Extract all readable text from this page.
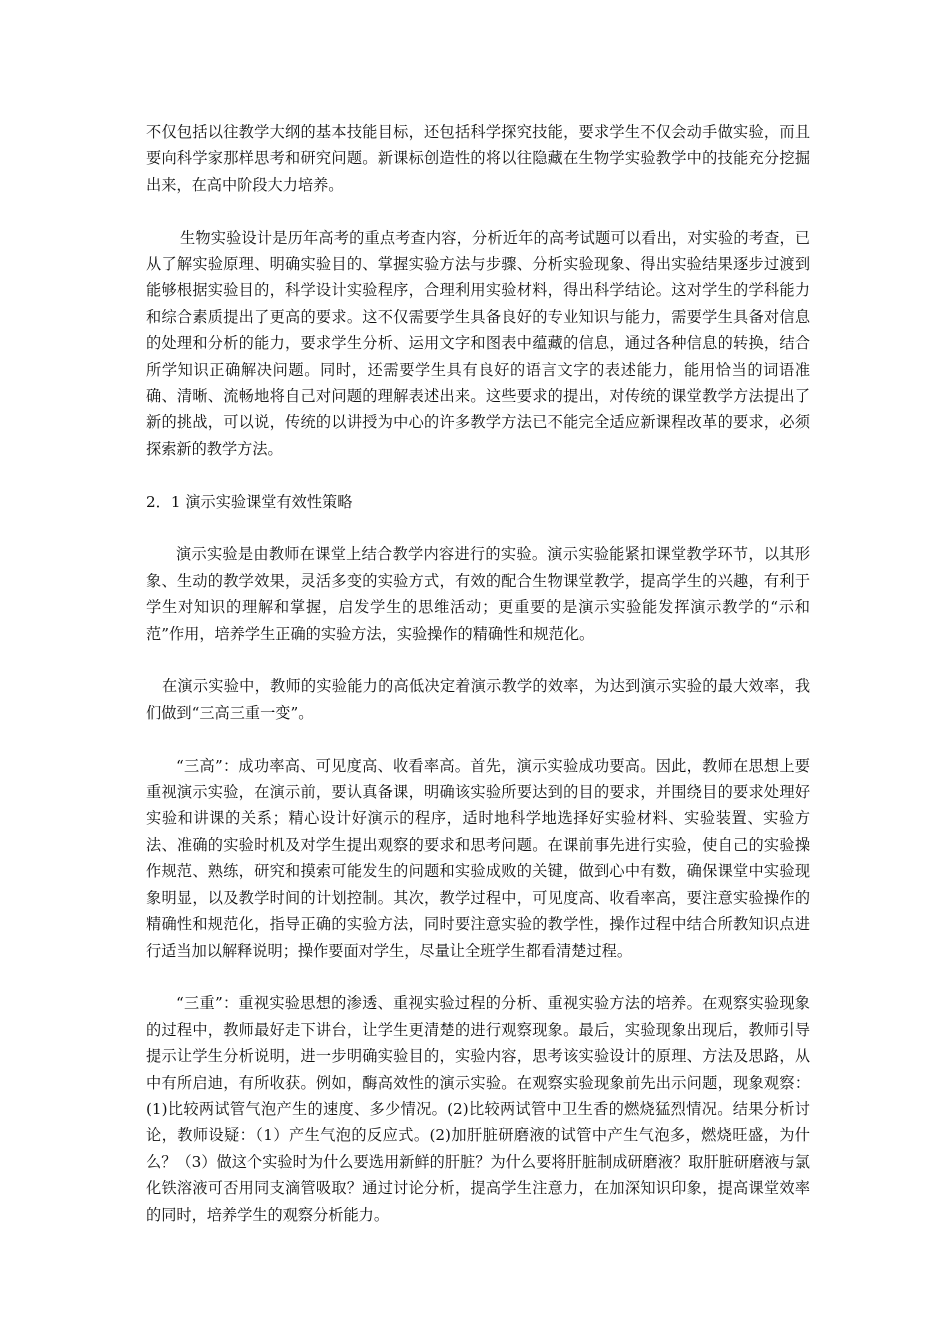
不仅包括以往教学大纲的基本技能目标，还包括科学探究技能，要求学生不仅会动手做实验，而且要向科学家那样思考和研究问题。新课标创造性的将以往隐藏在生物学实验教学中的技能充分挖掘出来，在高中阶段大力培养。

生物实验设计是历年高考的重点考查内容，分析近年的高考试题可以看出，对实验的考查，已从了解实验原理、明确实验目的、掌握实验方法与步骤、分析实验现象、得出实验结果逐步过渡到能够根据实验目的，科学设计实验程序，合理利用实验材料，得出科学结论。这对学生的学科能力和综合素质提出了更高的要求。这不仅需要学生具备良好的专业知识与能力，需要学生具备对信息的处理和分析的能力，要求学生分析、运用文字和图表中蕴藏的信息，通过各种信息的转换，结合所学知识正确解决问题。同时，还需要学生具有良好的语言文字的表述能力，能用恰当的词语准确、清晰、流畅地将自己对问题的理解表述出来。这些要求的提出，对传统的课堂教学方法提出了新的挑战，可以说，传统的以讲授为中心的许多教学方法已不能完全适应新课程改革的要求，必须探索新的教学方法。

2．1 演示实验课堂有效性策略

演示实验是由教师在课堂上结合教学内容进行的实验。演示实验能紧扣课堂教学环节，以其形象、生动的教学效果，灵活多变的实验方式，有效的配合生物课堂教学，提高学生的兴趣，有利于学生对知识的理解和掌握，启发学生的思维活动；更重要的是演示实验能发挥演示教学的“示和范”作用，培养学生正确的实验方法，实验操作的精确性和规范化。

在演示实验中，教师的实验能力的高低决定着演示教学的效率，为达到演示实验的最大效率，我们做到“三高三重一变”。

“三高”：成功率高、可见度高、收看率高。首先，演示实验成功要高。因此，教师在思想上要重视演示实验，在演示前，要认真备课，明确该实验所要达到的目的要求，并围绕目的要求处理好实验和讲课的关系；精心设计好演示的程序，适时地科学地选择好实验材料、实验装置、实验方法、准确的实验时机及对学生提出观察的要求和思考问题。在课前事先进行实验，使自己的实验操作规范、熟练，研究和摸索可能发生的问题和实验成败的关键，做到心中有数，确保课堂中实验现象明显，以及教学时间的计划控制。其次，教学过程中，可见度高、收看率高，要注意实验操作的精确性和规范化，指导正确的实验方法，同时要注意实验的教学性，操作过程中结合所教知识点进行适当加以解释说明；操作要面对学生，尽量让全班学生都看清楚过程。

“三重”：重视实验思想的渗透、重视实验过程的分析、重视实验方法的培养。在观察实验现象的过程中，教师最好走下讲台，让学生更清楚的进行观察现象。最后，实验现象出现后，教师引导提示让学生分析说明，进一步明确实验目的，实验内容，思考该实验设计的原理、方法及思路，从中有所启迪，有所收获。例如，酶高效性的演示实验。在观察实验现象前先出示问题，现象观察：(1)比较两试管气泡产生的速度、多少情况。(2)比较两试管中卫生香的燃烧猛烈情况。结果分析讨论，教师设疑：（1）产生气泡的反应式。(2)加肝脏研磨液的试管中产生气泡多，燃烧旺盛，为什么？（3）做这个实验时为什么要选用新鲜的肝脏？为什么要将肝脏制成研磨液？取肝脏研磨液与氯化铁溶液可否用同支滴管吸取？通过讨论分析，提高学生注意力，在加深知识印象，提高课堂效率的同时，培养学生的观察分析能力。
